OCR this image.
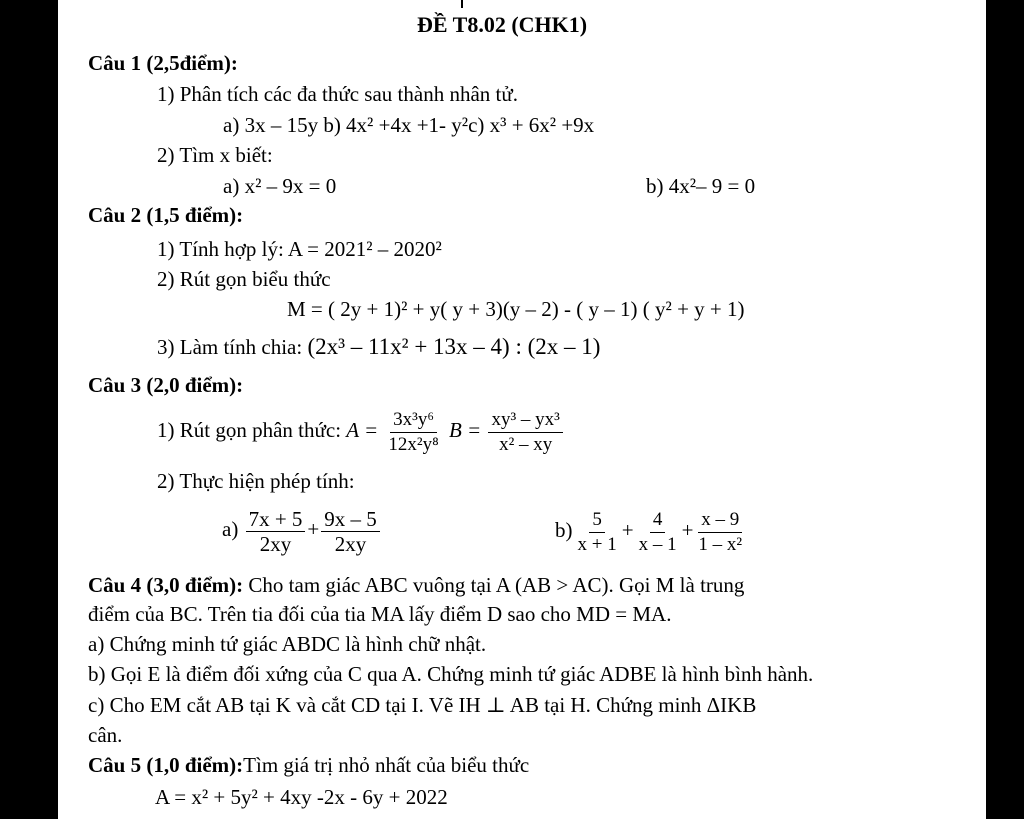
ĐỀ T8.02 (CHK1)
Câu 1 (2,5điểm):
1) Phân tích các đa thức sau thành nhân tử.
a) 3x – 15y b) 4x² +4x +1- y²c) x³ + 6x² +9x
2) Tìm x biết:
a) x² – 9x = 0	b) 4x²– 9 = 0
Câu 2 (1,5 điểm):
1) Tính hợp lý: A = 2021² – 2020²
2) Rút gọn biểu thức
M = ( 2y + 1)² + y( y + 3)(y – 2) - ( y – 1) ( y² + y + 1)
3) Làm tính chia: (2x³ – 11x² + 13x – 4) : (2x – 1)
Câu 3 (2,0 điểm):
1) Rút gọn phân thức: $A = \frac{\text{3x³y⁶}}{\text{12x²y⁸}}$ $B = \frac{\text{xy³ – yx³}}{\text{x² – xy}}$
2) Thực hiện phép tính:
$a) \frac{7x + 5}{2xy} + \frac{9x - 5}{2xy}$	$b) \frac{5}{x + 1} + \frac{4}{x - 1} + \frac{x - 9}{\text{1 – x²}}$
Câu 4 (3,0 điểm): Cho tam giác ABC vuông tại A (AB > AC). Gọi M là trung
điểm của BC. Trên tia đối của tia MA lấy điểm D sao cho MD = MA.
a) Chứng minh tứ giác ABDC là hình chữ nhật.
b) Gọi E là điểm đối xứng của C qua A. Chứng minh tứ giác ADBE là hình bình hành.
c) Cho EM cắt AB tại K và cắt CD tại I. Vẽ IH ⊥ AB tại H. Chứng minh ΔIKB
cân.
Câu 5 (1,0 điểm):Tìm giá trị nhỏ nhất của biểu thức
A = x² + 5y² + 4xy -2x - 6y + 2022
